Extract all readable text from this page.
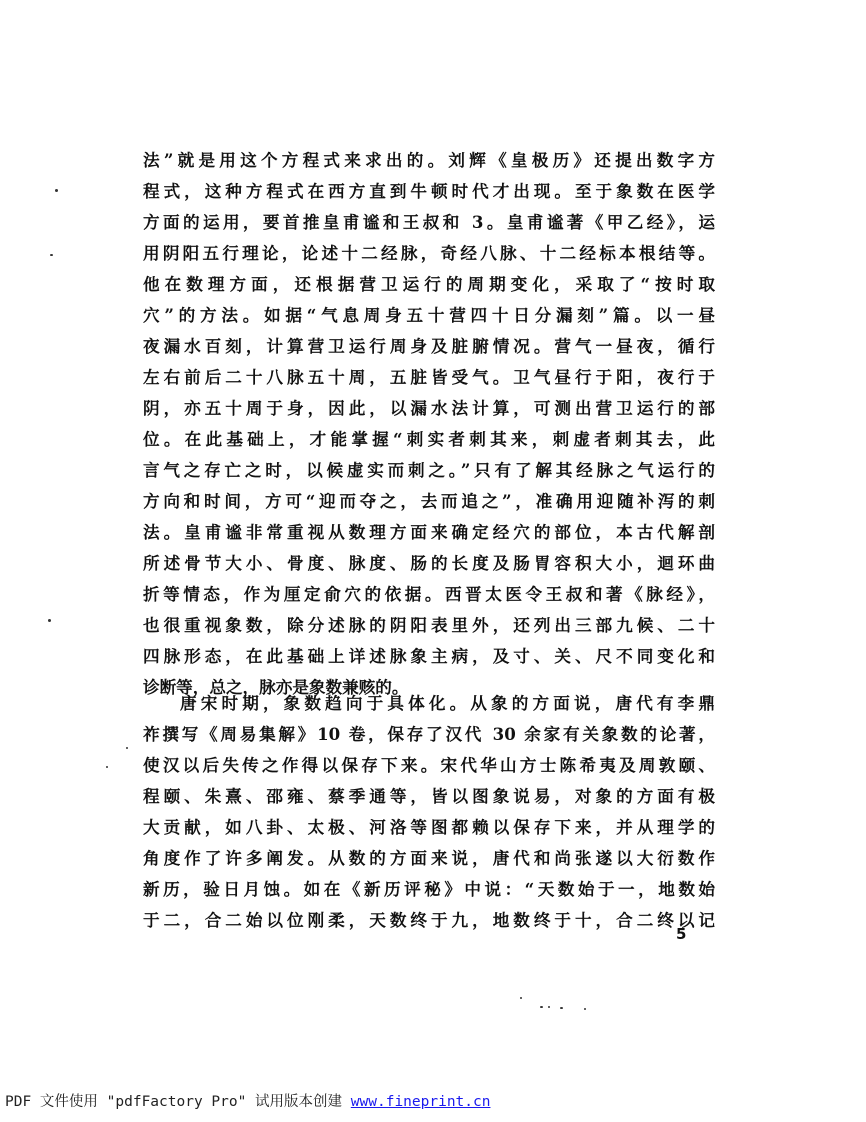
法”就是用这个方程式来求出的。刘辉《皇极历》还提出数字方
程式，这种方程式在西方直到牛顿时代才出现。至于象数在医学
方面的运用，要首推皇甫谧和王叔和 3。皇甫谧著《甲乙经》，运
用阴阳五行理论，论述十二经脉，奇经八脉、十二经标本根结等。
他在数理方面，还根据营卫运行的周期变化，采取了“按时取
穴”的方法。如据“气息周身五十营四十日分漏刻”篇。以一昼
夜漏水百刻，计算营卫运行周身及脏腑情况。营气一昼夜，循行
左右前后二十八脉五十周，五脏皆受气。卫气昼行于阳，夜行于
阴，亦五十周于身，因此，以漏水法计算，可测出营卫运行的部
位。在此基础上，才能掌握“刺实者刺其来，刺虚者刺其去，此
言气之存亡之时，以候虚实而刺之。”只有了解其经脉之气运行的
方向和时间，方可“迎而夺之，去而追之”，准确用迎随补泻的刺
法。皇甫谧非常重视从数理方面来确定经穴的部位，本古代解剖
所述骨节大小、骨度、脉度、肠的长度及肠胃容积大小，迴环曲
折等情态，作为厘定俞穴的依据。西晋太医令王叔和著《脉经》，
也很重视象数，除分述脉的阴阳表里外，还列出三部九候、二十
四脉形态，在此基础上详述脉象主病，及寸、关、尺不同变化和
诊断等，总之，脉亦是象数兼赅的。
唐宋时期，象数趋向于具体化。从象的方面说，唐代有李鼎
祚撰写《周易集解》10 卷，保存了汉代 30 余家有关象数的论著，
使汉以后失传之作得以保存下来。宋代华山方士陈希夷及周敦颐、
程颐、朱熹、邵雍、蔡季通等，皆以图象说易，对象的方面有极
大贡献，如八卦、太极、河洛等图都赖以保存下来，并从理学的
角度作了许多阐发。从数的方面来说，唐代和尚张遂以大衍数作
新历，验日月蚀。如在《新历评秘》中说：“天数始于一，地数始
于二，合二始以位刚柔，天数终于九，地数终于十，合二终以记
5
PDF 文件使用 "pdfFactory Pro" 试用版本创建 www.fineprint.cn
